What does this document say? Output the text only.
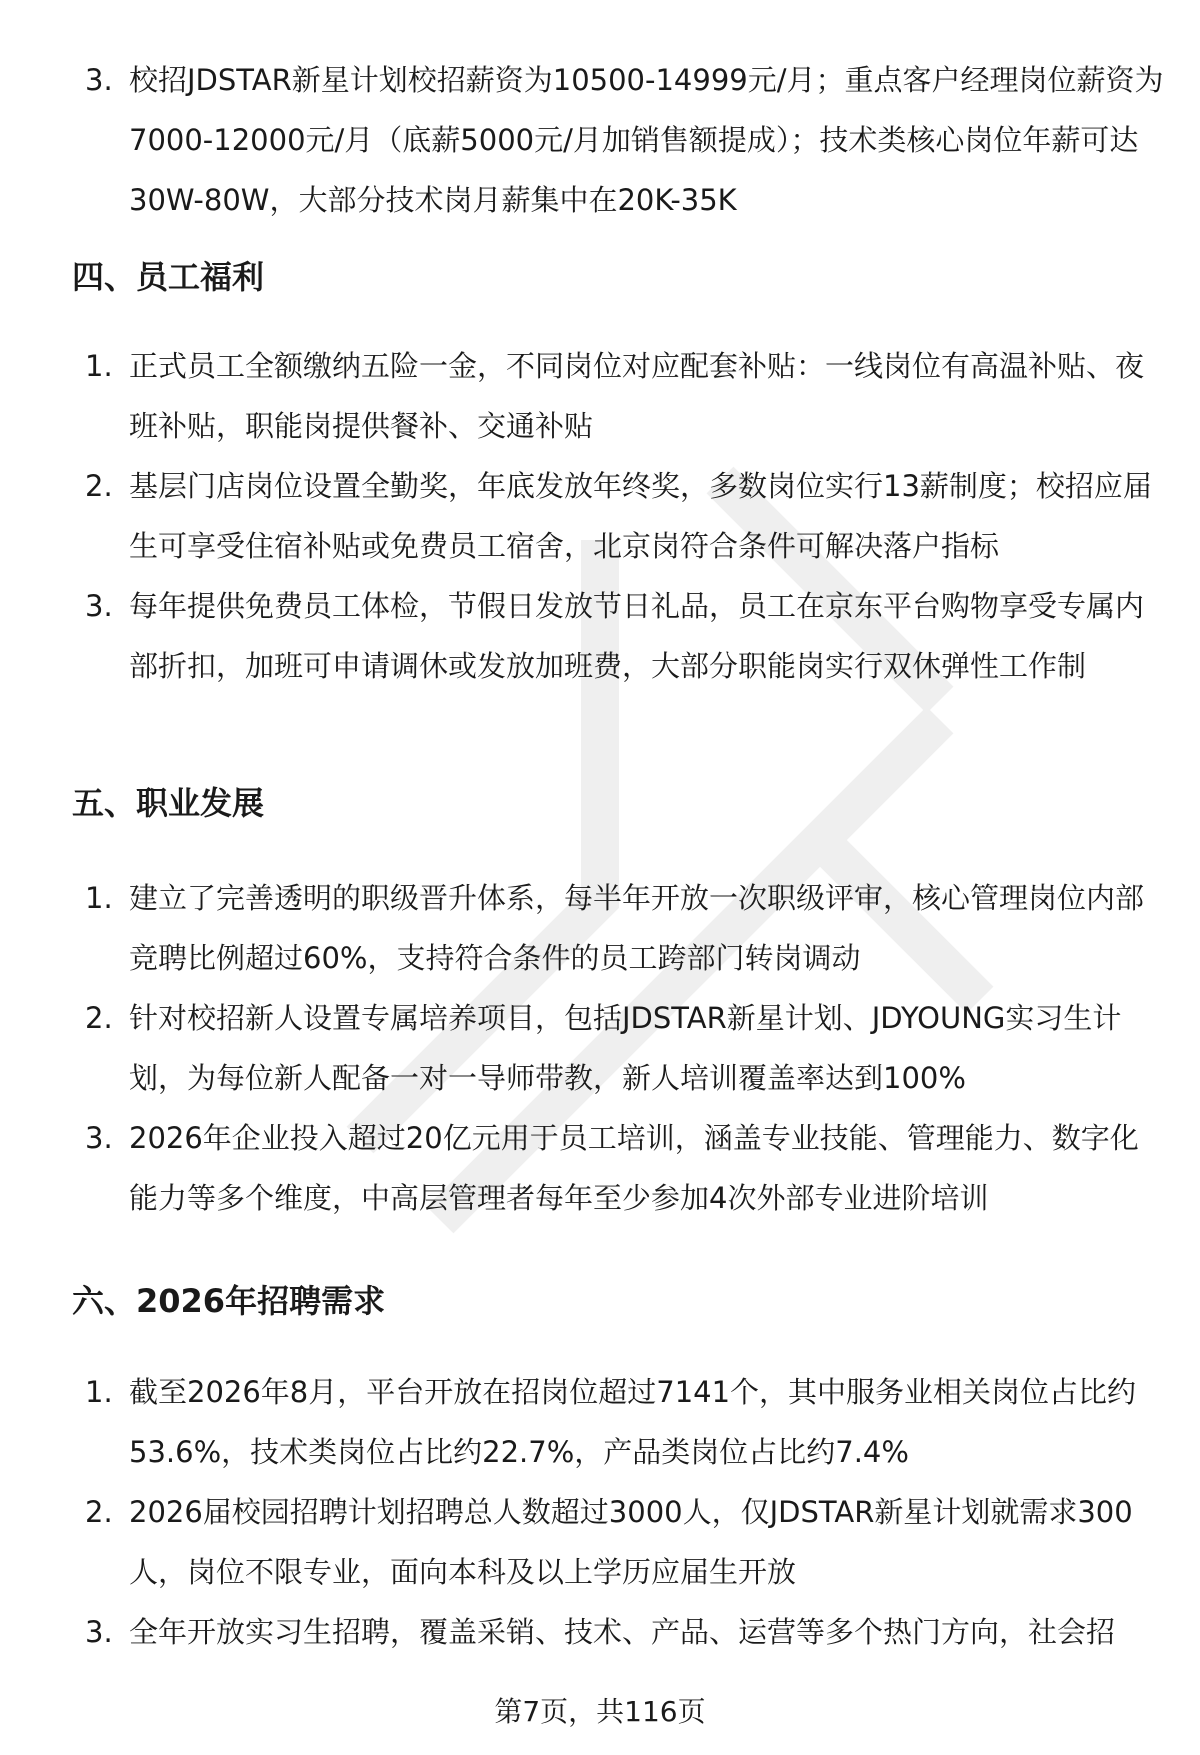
3. 校招JDSTAR新星计划校招薪资为10500-14999元/月；重点客户经理岗位薪资为7000-12000元/月（底薪5000元/月加销售额提成）；技术类核心岗位年薪可达30W-80W，大部分技术岗月薪集中在20K-35K
四、员工福利
1. 正式员工全额缴纳五险一金，不同岗位对应配套补贴：一线岗位有高温补贴、夜班补贴，职能岗提供餐补、交通补贴
2. 基层门店岗位设置全勤奖，年底发放年终奖，多数岗位实行13薪制度；校招应届生可享受住宿补贴或免费员工宿舍，北京岗符合条件可解决落户指标
3. 每年提供免费员工体检，节假日发放节日礼品，员工在京东平台购物享受专属内部折扣，加班可申请调休或发放加班费，大部分职能岗实行双休弹性工作制
五、职业发展
1. 建立了完善透明的职级晋升体系，每半年开放一次职级评审，核心管理岗位内部竞聘比例超过60%，支持符合条件的员工跨部门转岗调动
2. 针对校招新人设置专属培养项目，包括JDSTAR新星计划、JDYOUNG实习生计划，为每位新人配备一对一导师带教，新人培训覆盖率达到100%
3. 2026年企业投入超过20亿元用于员工培训，涵盖专业技能、管理能力、数字化能力等多个维度，中高层管理者每年至少参加4次外部专业进阶培训
六、2026年招聘需求
1. 截至2026年8月，平台开放在招岗位超过7141个，其中服务业相关岗位占比约53.6%，技术类岗位占比约22.7%，产品类岗位占比约7.4%
2. 2026届校园招聘计划招聘总人数超过3000人，仅JDSTAR新星计划就需求300人，岗位不限专业，面向本科及以上学历应届生开放
3. 全年开放实习生招聘，覆盖采销、技术、产品、运营等多个热门方向，社会招
第7页，共116页
